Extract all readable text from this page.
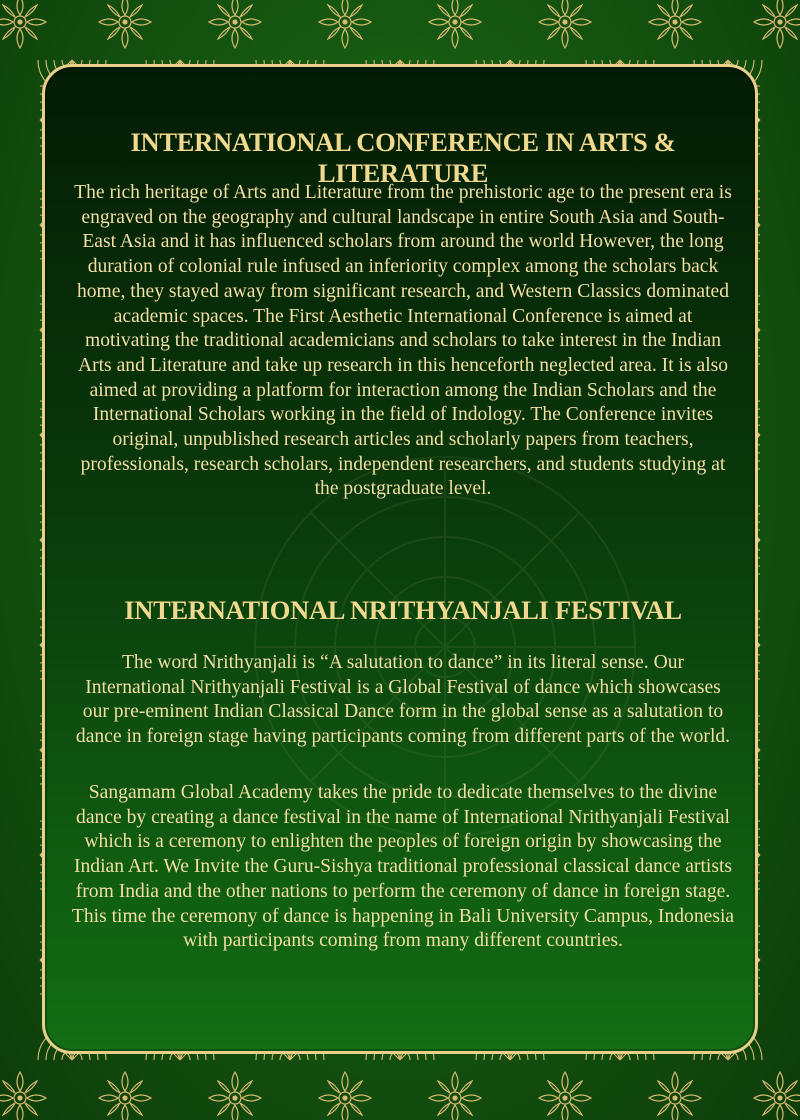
INTERNATIONAL CONFERENCE IN ARTS & LITERATURE

The rich heritage of Arts and Literature from the prehistoric age to the present era is engraved on the geography and cultural landscape in entire South Asia and South-East Asia and it has influenced scholars from around the world However, the long duration of colonial rule infused an inferiority complex among the scholars back home, they stayed away from significant research, and Western Classics dominated academic spaces. The First Aesthetic International Conference is aimed at motivating the traditional academicians and scholars to take interest in the Indian Arts and Literature and take up research in this henceforth neglected area. It is also aimed at providing a platform for interaction among the Indian Scholars and the International Scholars working in the field of Indology. The Conference invites original, unpublished research articles and scholarly papers from teachers, professionals, research scholars, independent researchers, and students studying at the postgraduate level.

INTERNATIONAL NRITHYANJALI FESTIVAL

The word Nrithyanjali is “A salutation to dance” in its literal sense. Our International Nrithyanjali Festival is a Global Festival of dance which showcases our pre-eminent Indian Classical Dance form in the global sense as a salutation to dance in foreign stage having participants coming from different parts of the world.

Sangamam Global Academy takes the pride to dedicate themselves to the divine dance by creating a dance festival in the name of International Nrithyanjali Festival which is a ceremony to enlighten the peoples of foreign origin by showcasing the Indian Art. We Invite the Guru-Sishya traditional professional classical dance artists from India and the other nations to perform the ceremony of dance in foreign stage. This time the ceremony of dance is happening in Bali University Campus, Indonesia with participants coming from many different countries.
